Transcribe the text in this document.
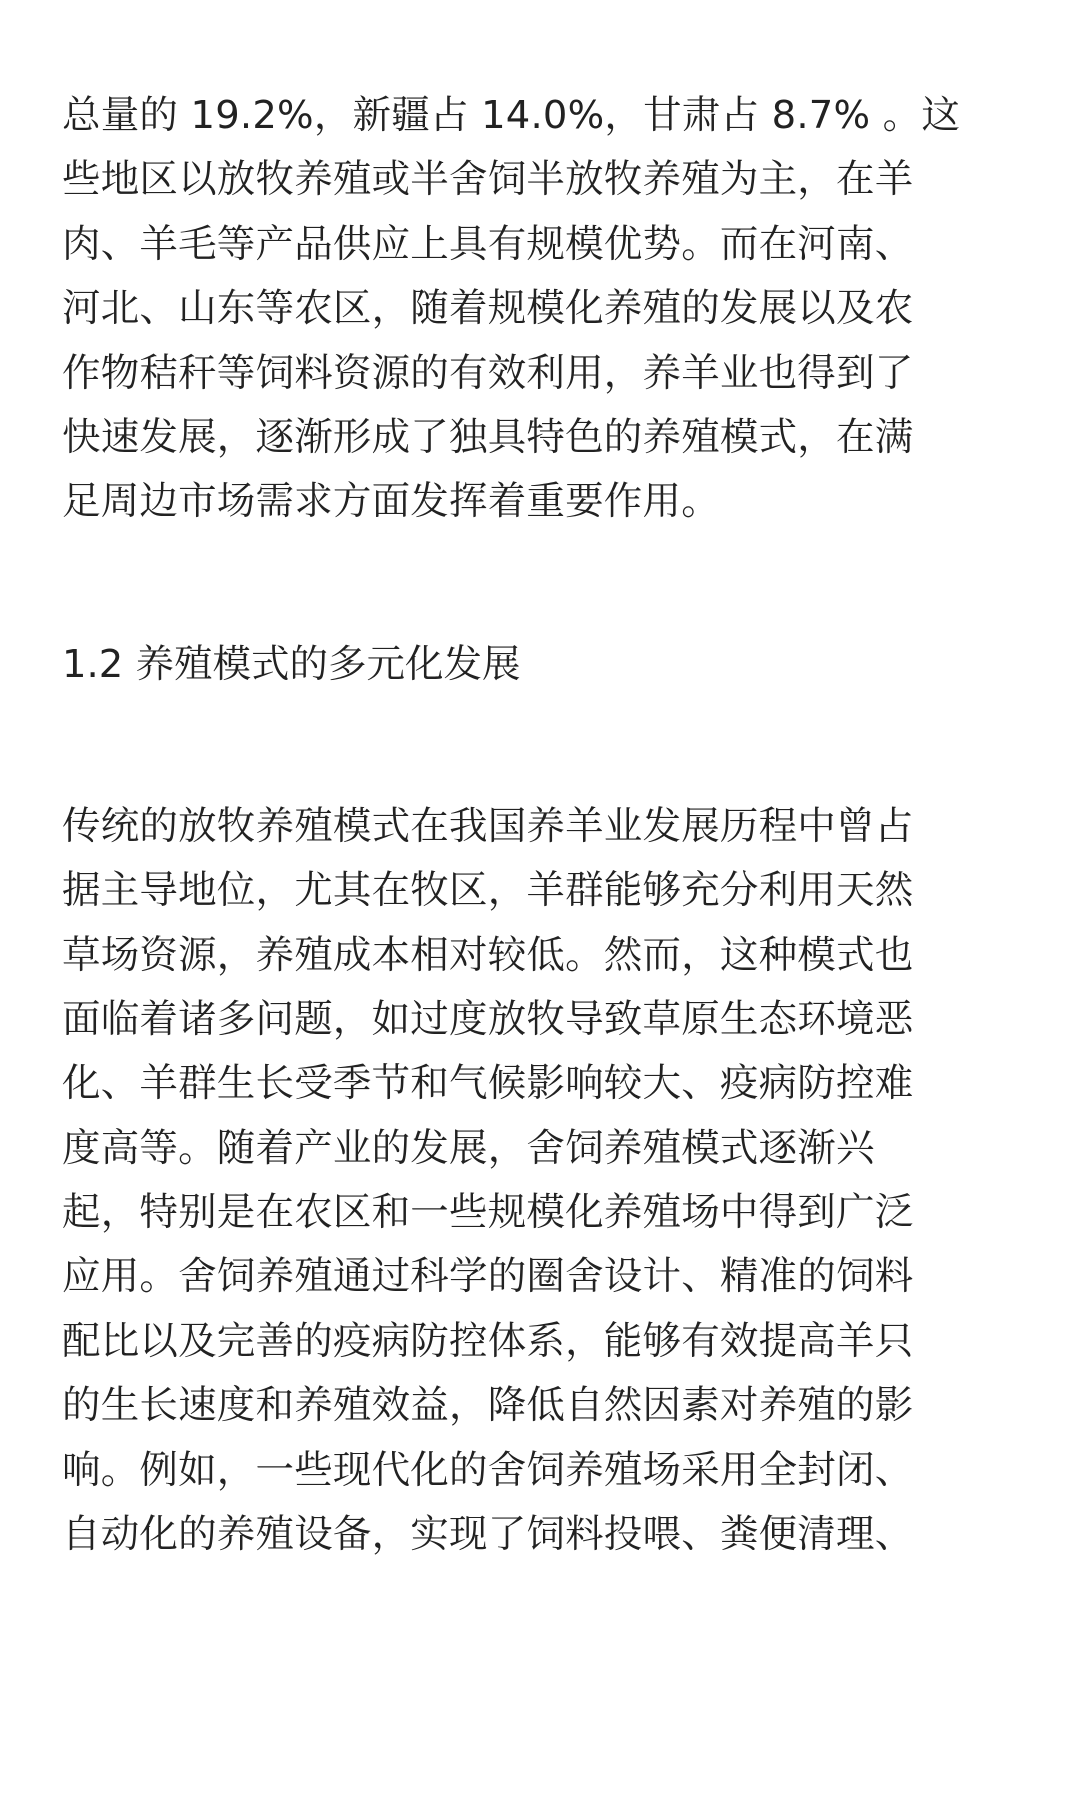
总量的 19.2%，新疆占 14.0%，甘肃占 8.7% 。这
些地区以放牧养殖或半舍饲半放牧养殖为主，在羊
肉、羊毛等产品供应上具有规模优势。而在河南、
河北、山东等农区，随着规模化养殖的发展以及农
作物秸秆等饲料资源的有效利用，养羊业也得到了
快速发展，逐渐形成了独具特色的养殖模式，在满
足周边市场需求方面发挥着重要作用。
1.2 养殖模式的多元化发展
传统的放牧养殖模式在我国养羊业发展历程中曾占
据主导地位，尤其在牧区，羊群能够充分利用天然
草场资源，养殖成本相对较低。然而，这种模式也
面临着诸多问题，如过度放牧导致草原生态环境恶
化、羊群生长受季节和气候影响较大、疫病防控难
度高等。随着产业的发展，舍饲养殖模式逐渐兴
起，特别是在农区和一些规模化养殖场中得到广泛
应用。舍饲养殖通过科学的圈舍设计、精准的饲料
配比以及完善的疫病防控体系，能够有效提高羊只
的生长速度和养殖效益，降低自然因素对养殖的影
响。例如，一些现代化的舍饲养殖场采用全封闭、
自动化的养殖设备，实现了饲料投喂、粪便清理、
